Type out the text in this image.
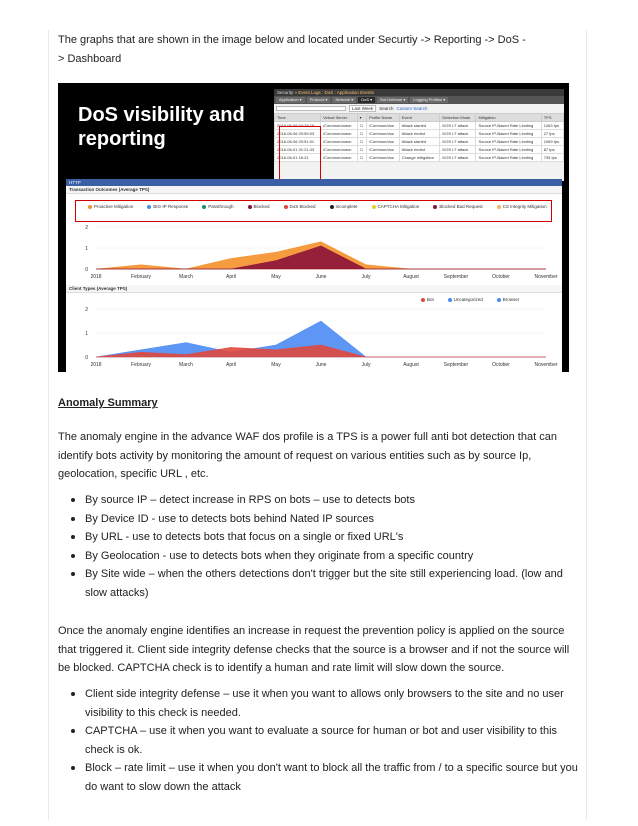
The graphs that are shown in the image below and located under Securtiy -> Reporting -> DoS -
> Dashboard
DoS visibility and
reporting
Security » Event Logs : DoS : Application Events
Application ▾	Protocol ▾	Network ▾	DoS ▾	Bot Defense ▾	Logging Profiles ▾
Last Week	Search Custom Search
Time	Virtual Server	▾	Profile Name	Event	Detection Mode	Mitigation	TPS
2018-06-06 04:28:19	/Common/auton	☐	/Common/dos	Attack started	DOS LT attack	Source IP-Based Rate Limiting	1263 tps
2018-06-06 03:59:03	/Common/auton	☐	/Common/dos	Attack ended	DOS LT attack	Source IP-Based Rate Limiting	27 tps
2018-06-06 03:51:01	/Common/auton	☐	/Common/dos	Attack started	DOS LT attack	Source IP-Based Rate Limiting	1069 tps
2018-06-01 01:21:43	/Common/auton	☐	/Common/dos	Attack ended	DOS LT attack	Source IP-Based Rate Limiting	87 tps
2018-06-01 16:21	/Common/auton	☐	/Common/dos	Change mitigation	DOS LT attack	Source IP-Based Rate Limiting	735 tps
HTTP
Transaction Outcomes (Average TPS)
Proactive Mitigation	BIG-IP Response	Passthrough	Blocked	DoS Blocked	Incomplete	CAPTCHA Mitigation	Blocked Bad Request	CS Integrity Mitigation
0
1
2
2018	February	March	April	May	June	July	August	September	October	November
Client Types (Average TPS)
Bot	Uncategorized	Browser
0
1
2
2018	February	March	April	May	June	July	August	September	October	November
Anomaly Summary
The anomaly engine in the advance WAF dos profile is a TPS is a power full anti bot detection that can identify bots activity by monitoring the amount of request on various entities such as by source Ip, geolocation, specific URL , etc.
By source IP – detect increase in RPS on bots – use to detects bots
By Device ID - use to detects bots behind Nated IP sources
By URL - use to detects bots that focus on a single or fixed URL's
By Geolocation - use to detects bots when they originate from a specific country
By Site wide – when the others detections don't trigger but the site still experiencing load. (low and slow attacks)
Once the anomaly engine identifies an increase in request the prevention policy is applied on the source that triggered it. Client side integrity defense checks that the source is a browser and if not the source will be blocked. CAPTCHA check is to identify a human and rate limit will slow down the source.
Client side integrity defense – use it when you want to allows only browsers to the site and no user visibility to this check is needed.
CAPTCHA – use it when you want to evaluate a source for human or bot and user visibility to this check is ok.
Block – rate limit – use it when you don't want to block all the traffic from / to a specific source but you do want to slow down the attack
